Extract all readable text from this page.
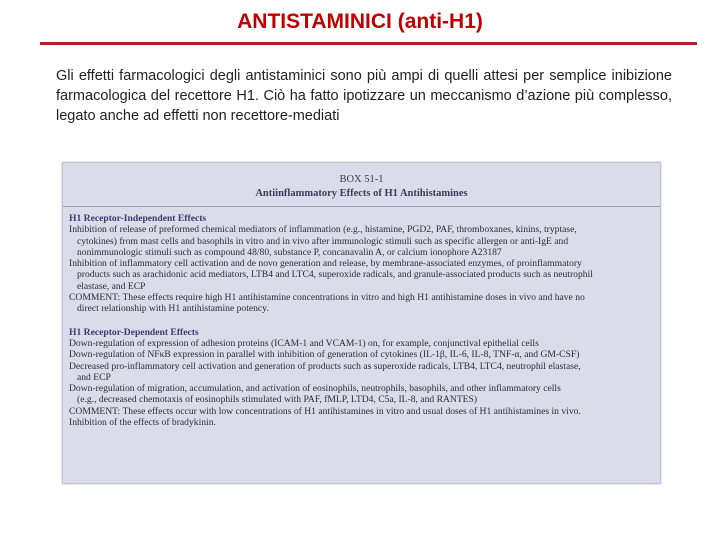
ANTISTAMINICI (anti-H1)
Gli effetti farmacologici degli antistaminici sono più ampi di quelli attesi per semplice inibizione farmacologica del recettore H1. Ciò ha fatto ipotizzare un meccanismo d’azione più complesso, legato anche ad effetti non recettore-mediati
BOX 51-1
Antiinflammatory Effects of H1 Antihistamines
H1 Receptor-Independent Effects
Inhibition of release of preformed chemical mediators of inflammation (e.g., histamine, PGD2, PAF, thromboxanes, kinins, tryptase,
cytokines) from mast cells and basophils in vitro and in vivo after immunologic stimuli such as specific allergen or anti-IgE and
nonimmunologic stimuli such as compound 48/80, substance P, concanavalin A, or calcium ionophore A23187
Inhibition of inflammatory cell activation and de novo generation and release, by membrane-associated enzymes, of proinflammatory
products such as arachidonic acid mediators, LTB4 and LTC4, superoxide radicals, and granule-associated products such as neutrophil
elastase, and ECP
COMMENT: These effects require high H1 antihistamine concentrations in vitro and high H1 antihistamine doses in vivo and have no
direct relationship with H1 antihistamine potency.
H1 Receptor-Dependent Effects
Down-regulation of expression of adhesion proteins (ICAM-1 and VCAM-1) on, for example, conjunctival epithelial cells
Down-regulation of NFκB expression in parallel with inhibition of generation of cytokines (IL-1β, IL-6, IL-8, TNF-α, and GM-CSF)
Decreased pro-inflammatory cell activation and generation of products such as superoxide radicals, LTB4, LTC4, neutrophil elastase,
and ECP
Down-regulation of migration, accumulation, and activation of eosinophils, neutrophils, basophils, and other inflammatory cells
(e.g., decreased chemotaxis of eosinophils stimulated with PAF, fMLP, LTD4, C5a, IL-8, and RANTES)
COMMENT: These effects occur with low concentrations of H1 antihistamines in vitro and usual doses of H1 antihistamines in vivo.
Inhibition of the effects of bradykinin.
